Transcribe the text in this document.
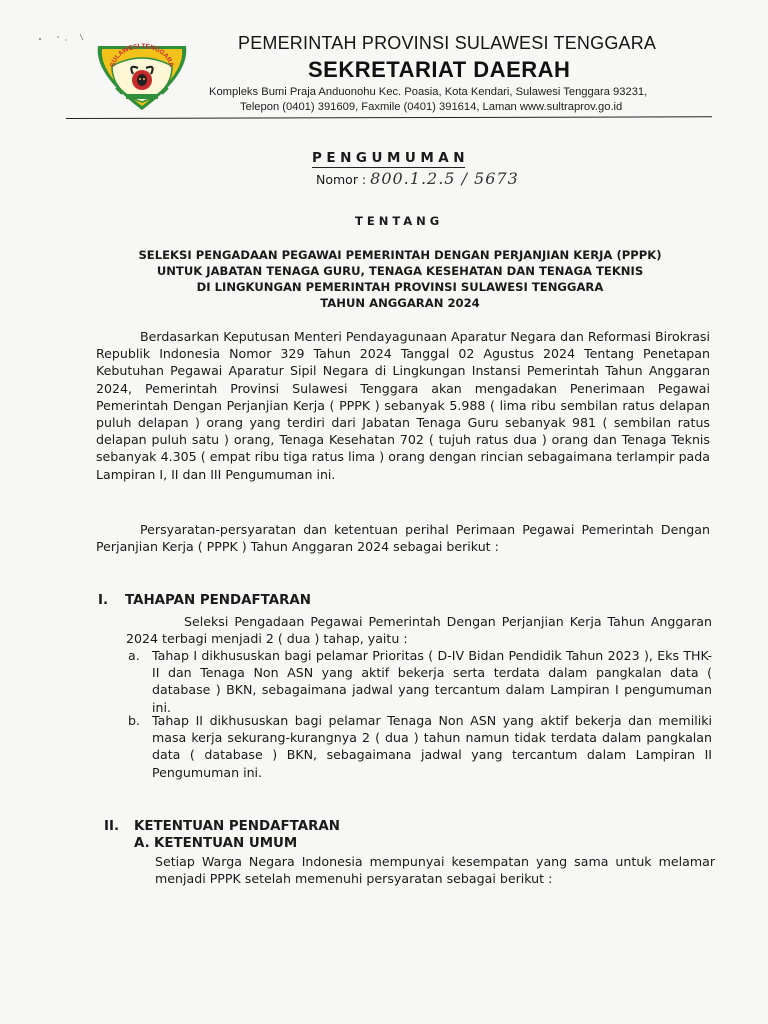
SULAWESI TENGGARA
PEMERINTAH PROVINSI SULAWESI TENGGARA
SEKRETARIAT DAERAH
Kompleks Bumi Praja Anduonohu Kec. Poasia, Kota Kendari, Sulawesi Tenggara 93231,
Telepon (0401) 391609, Faxmile (0401) 391614, Laman www.sultraprov.go.id
PENGUMUMAN
Nomor : 800.1.2.5 / 5673
TENTANG
SELEKSI PENGADAAN PEGAWAI PEMERINTAH DENGAN PERJANJIAN KERJA (PPPK)
UNTUK JABATAN TENAGA GURU, TENAGA KESEHATAN DAN TENAGA TEKNIS
DI LINGKUNGAN PEMERINTAH PROVINSI SULAWESI TENGGARA
TAHUN ANGGARAN 2024
Berdasarkan Keputusan Menteri Pendayagunaan Aparatur Negara dan Reformasi Birokrasi Republik Indonesia Nomor 329 Tahun 2024 Tanggal 02 Agustus 2024 Tentang Penetapan Kebutuhan Pegawai Aparatur Sipil Negara di Lingkungan Instansi Pemerintah Tahun Anggaran 2024, Pemerintah Provinsi Sulawesi Tenggara akan mengadakan Penerimaan Pegawai Pemerintah Dengan Perjanjian Kerja ( PPPK ) sebanyak 5.988 ( lima ribu sembilan ratus delapan puluh delapan ) orang yang terdiri dari Jabatan Tenaga Guru sebanyak 981 ( sembilan ratus delapan puluh satu ) orang, Tenaga Kesehatan 702 ( tujuh ratus dua ) orang dan Tenaga Teknis sebanyak 4.305 ( empat ribu tiga ratus lima ) orang dengan rincian sebagaimana terlampir pada Lampiran I, II dan III Pengumuman ini.
Persyaratan-persyaratan dan ketentuan perihal Perimaan Pegawai Pemerintah Dengan Perjanjian Kerja ( PPPK ) Tahun Anggaran 2024 sebagai berikut :
I. TAHAPAN PENDAFTARAN
Seleksi Pengadaan Pegawai Pemerintah Dengan Perjanjian Kerja Tahun Anggaran 2024 terbagi menjadi 2 ( dua ) tahap, yaitu :
a. Tahap I dikhususkan bagi pelamar Prioritas ( D-IV Bidan Pendidik Tahun 2023 ), Eks THK-II dan Tenaga Non ASN yang aktif bekerja serta terdata dalam pangkalan data ( database ) BKN, sebagaimana jadwal yang tercantum dalam Lampiran I pengumuman ini.
b. Tahap II dikhususkan bagi pelamar Tenaga Non ASN yang aktif bekerja dan memiliki masa kerja sekurang-kurangnya 2 ( dua ) tahun namun tidak terdata dalam pangkalan data ( database ) BKN, sebagaimana jadwal yang tercantum dalam Lampiran II Pengumuman ini.
II. KETENTUAN PENDAFTARAN
A. KETENTUAN UMUM
Setiap Warga Negara Indonesia mempunyai kesempatan yang sama untuk melamar menjadi PPPK setelah memenuhi persyaratan sebagai berikut :
